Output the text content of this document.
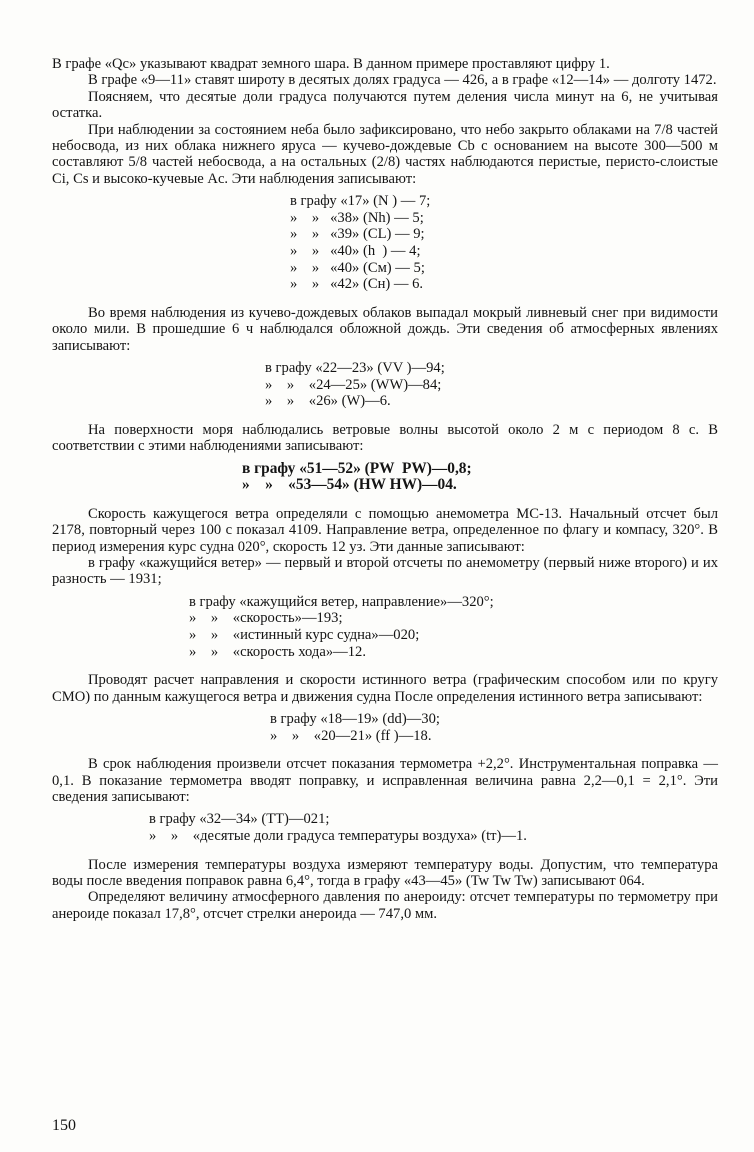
В графе «Qc» указывают квадрат земного шара. В данном примере проставляют цифру 1.

В графе «9—11» ставят широту в десятых долях градуса — 426, а в графе «12—14» — долготу 1472.

Поясняем, что десятые доли градуса получаются путем деления числа минут на 6, не учитывая остатка.

При наблюдении за состоянием неба было зафиксировано, что небо закрыто облаками на 7/8 частей небосвода, из них облака нижнего яруса — кучево-дождевые Cb с основанием на высоте 300—500 м составляют 5/8 частей небосвода, а на остальных (2/8) частях наблюдаются перистые, перисто-слоистые Ci, Cs и высоко-кучевые Ac. Эти наблюдения записывают:

в графу «17» (N ) — 7;
»    »   «38» (Nh) — 5;
»    »   «39» (CL) — 9;
»    »   «40» (h  ) — 4;
»    »   «40» (Cм) — 5;
»    »   «42» (Cн) — 6.

Во время наблюдения из кучево-дождевых облаков выпадал мокрый ливневый снег при видимости около мили. В прошедшие 6 ч наблюдался обложной дождь. Эти сведения об атмосферных явлениях записывают:

в графу «22—23» (VV )—94;
»    »    «24—25» (WW)—84;
»    »    «26» (W)—6.

На поверхности моря наблюдались ветровые волны высотой около 2 м с периодом 8 с. В соответствии с этими наблюдениями записывают:

в графу «51—52» (PW  PW)—0,8;
»    »    «53—54» (HW HW)—04.

Скорость кажущегося ветра определяли с помощью анемометра МС-13. Начальный отсчет был 2178, повторный через 100 с показал 4109. Направление ветра, определенное по флагу и компасу, 320°. В период измерения курс судна 020°, скорость 12 уз. Эти данные записывают:

в графу «кажущийся ветер» — первый и второй отсчеты по анемометру (первый ниже второго) и их разность — 1931;

в графу «кажущийся ветер, направление»—320°;
»    »    «скорость»—193;
»    »    «истинный курс судна»—020;
»    »    «скорость хода»—12.

Проводят расчет направления и скорости истинного ветра (графическим способом или по кругу СМО) по данным кажущегося ветра и движения судна После определения истинного ветра записывают:

в графу «18—19» (dd)—30;
»    »    «20—21» (ff )—18.

В срок наблюдения произвели отсчет показания термометра +2,2°. Инструментальная поправка —0,1. В показание термометра вводят поправку, и исправленная величина равна 2,2—0,1 = 2,1°. Эти сведения записывают:

в графу «32—34» (TT)—021;
»    »    «десятые доли градуса температуры воздуха» (tт)—1.

После измерения температуры воздуха измеряют температуру воды. Допустим, что температура воды после введения поправок равна 6,4°, тогда в графу «43—45» (Tw Tw Tw) записывают 064.

Определяют величину атмосферного давления по анероиду: отсчет температуры по термометру при анероиде показал 17,8°, отсчет стрелки анероида — 747,0 мм.

150
